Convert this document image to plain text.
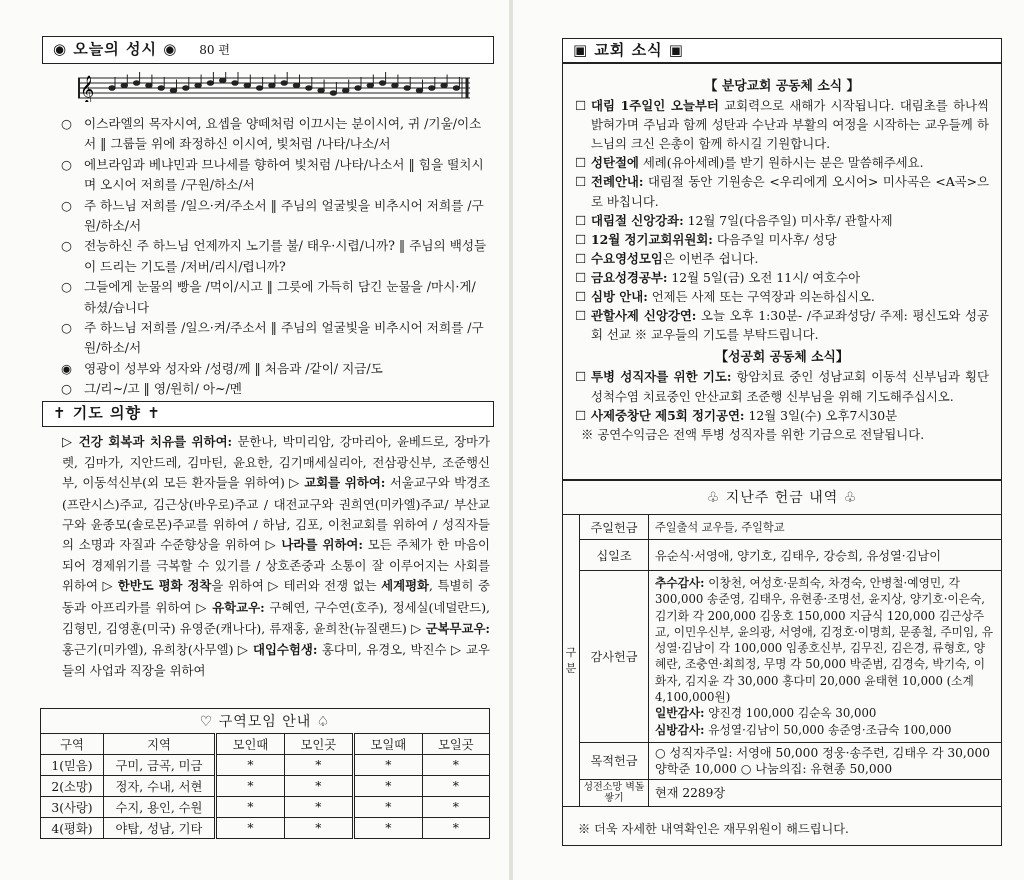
◉ 오늘의 성시 ◉ 80 편
𝄞
○ 이스라엘의 목자시여, 요셉을 양떼처럼 이끄시는 분이시여, 귀 /기울/이소서 ‖ 그룹들 위에 좌정하신 이시여, 빛처럼 /나타/나소/서
○ 에브라임과 베냐민과 므나세를 향하여 빛처럼 /나타/나소서 ‖ 힘을 떨치시며 오시어 저희를 /구원/하소/서
○ 주 하느님 저희를 /일으·켜/주소서 ‖ 주님의 얼굴빛을 비추시어 저희를 /구원/하소/서
○ 전능하신 주 하느님 언제까지 노기를 불/ 태우·시렵/니까? ‖ 주님의 백성들이 드리는 기도를 /저버/리시/렵니까?
○ 그들에게 눈물의 빵을 /먹이/시고 ‖ 그릇에 가득히 담긴 눈물을 /마시·게/ 하셨/습니다
○ 주 하느님 저희를 /일으·켜/주소서 ‖ 주님의 얼굴빛을 비추시어 저희를 /구원/하소/서
◉ 영광이 성부와 성자와 /성령/께 ‖ 처음과 /같이/ 지금/도
○ 그/리~/고 ‖ 영/원히/ 아~/멘
✝ 기도 의향 ✝
▷ 건강 회복과 치유를 위하여: 문한나, 박미리암, 강마리아, 윤베드로, 장마가렛, 김마가, 지안드레, 김마틴, 윤요한, 김기매세실리아, 전삼광신부, 조준행신부, 이동석신부(외 모든 환자들을 위하여) ▷ 교회를 위하여: 서울교구와 박경조(프란시스)주교, 김근상(바우로)주교 / 대전교구와 권희연(미카엘)주교/ 부산교구와 윤종모(솔로몬)주교를 위하여 / 하남, 김포, 이천교회를 위하여 / 성직자들의 소명과 자질과 수준향상을 위하여 ▷ 나라를 위하여: 모든 주체가 한 마음이 되어 경제위기를 극복할 수 있기를 / 상호존중과 소통이 잘 이루어지는 사회를 위하여 ▷ 한반도 평화 정착을 위하여 ▷ 테러와 전쟁 없는 세계평화, 특별히 중동과 아프리카를 위하여 ▷ 유학교우: 구혜연, 구수연(호주), 정세실(네덜란드), 김형민, 김영훈(미국) 유영준(캐나다), 류재홍, 윤희찬(뉴질랜드) ▷ 군복무교우: 홍근기(미카엘), 유희창(사무엘) ▷ 대입수험생: 홍다미, 유경오, 박진수 ▷ 교우들의 사업과 직장을 위하여
♡ 구역모임 안내 ♤					
구역	지역	모인때	모인곳	모일때	모일곳
1(믿음)	구미, 금곡, 미금	*	*	*	*
2(소망)	정자, 수내, 서현	*	*	*	*
3(사랑)	수지, 용인, 수원	*	*	*	*
4(평화)	야탑, 성남, 기타	*	*	*	*
▣ 교회 소식 ▣
【 분당교회 공동체 소식 】
☐ 대림 1주일인 오늘부터 교회력으로 새해가 시작됩니다. 대림초를 하나씩 밝혀가며 주님과 함께 성탄과 수난과 부활의 여정을 시작하는 교우들께 하느님의 크신 은총이 함께 하시길 기원합니다.
☐ 성탄절에 세례(유아세례)를 받기 원하시는 분은 말씀해주세요.
☐ 전례안내: 대림절 동안 기원송은 <우리에게 오시어> 미사곡은 <A곡>으로 바칩니다.
☐ 대림절 신앙강좌: 12월 7일(다음주일) 미사후/ 관할사제
☐ 12월 정기교회위원회: 다음주일 미사후/ 성당
☐ 수요영성모임은 이번주 쉽니다.
☐ 금요성경공부: 12월 5일(금) 오전 11시/ 여호수아
☐ 심방 안내: 언제든 사제 또는 구역장과 의논하십시오.
☐ 관할사제 신앙강연: 오늘 오후 1:30분- /주교좌성당/ 주제: 평신도와 성공회 선교 ※ 교우들의 기도를 부탁드립니다.
【성공회 공동체 소식】
☐ 투병 성직자를 위한 기도: 항암치료 중인 성남교회 이동석 신부님과 횡단성척수염 치료중인 안산교회 조준행 신부님을 위해 기도해주십시오.
☐ 사제중창단 제5회 정기공연: 12월 3일(수) 오후7시30분
※ 공연수익금은 전액 투병 성직자를 위한 기금으로 전달됩니다.
♧ 지난주 헌금 내역 ♧
구분	주일헌금	주일출석 교우들, 주일학교
	십일조	유순식·서영애, 양기호, 김태우, 강승희, 유성열·김남이
	감사헌금	추수감사: 이창천, 여성호·문희숙, 차경숙, 안병철·예영민, 각 300,000 송준영, 김태우, 유현종·조명선, 윤지상, 양기호·이은숙, 김기화 각 200,000 김웅호 150,000 지금식 120,000 김근상주교, 이민우신부, 윤의광, 서영애, 김정호·이명희, 문종철, 주미임, 유성열·김남이 각 100,000 임종호신부, 김무진, 김은경, 류형호, 양혜란, 조충연·최희정, 무명 각 50,000 박준범, 김경숙, 박기숙, 이화자, 김지윤 각 30,000 홍다미 20,000 윤태현 10,000 (소계 4,100,000원)
일반감사: 양진경 100,000 김순옥 30,000
심방감사: 유성열·김남이 50,000 송준영·조금숙 100,000
	목적헌금	○ 성직자주일: 서영애 50,000 정웅·송주련, 김태우 각 30,000 양학준 10,000 ○ 나눔의집: 유현종 50,000
	성전소망 벽돌쌓기	현재 2289장
※ 더욱 자세한 내역확인은 재무위원이 해드립니다.
